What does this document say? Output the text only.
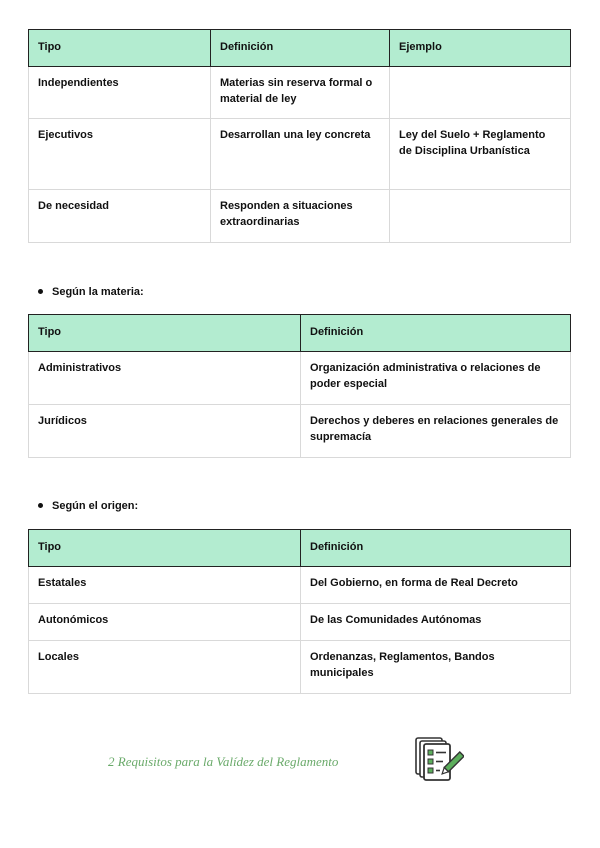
Tipo	Definición	Ejemplo
Independientes	Materias sin reserva formal o material de ley	
Ejecutivos	Desarrollan una ley concreta	Ley del Suelo + Reglamento de Disciplina Urbanística
De necesidad	Responden a situaciones extraordinarias	
Según la materia:
Tipo	Definición
Administrativos	Organización administrativa o relaciones de poder especial
Jurídicos	Derechos y deberes en relaciones generales de supremacía
Según el origen:
Tipo	Definición
Estatales	Del Gobierno, en forma de Real Decreto
Autonómicos	De las Comunidades Autónomas
Locales	Ordenanzas, Reglamentos, Bandos municipales
2 Requisitos para la Valídez del Reglamento
